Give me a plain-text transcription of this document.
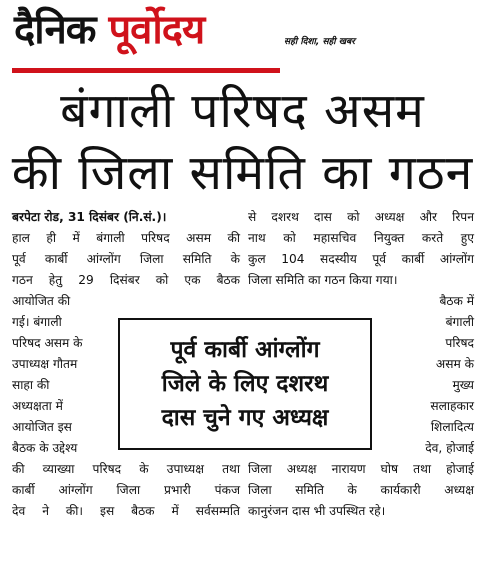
दैनिक पूर्वोदय	सही दिशा, सही खबर
बंगाली परिषद असम
की जिला समिति का गठन
बरपेटा रोड, 31 दिसंबर (नि.सं.)।
हाल ही में बंगाली परिषद असम की
पूर्व कार्बी आंग्लोंग जिला समिति के
गठन हेतु 29 दिसंबर को एक बैठक
आयोजित की
गई। बंगाली
परिषद असम के
उपाध्यक्ष गौतम
साहा की
अध्यक्षता में
आयोजित इस
बैठक के उद्देश्य
की व्याख्या परिषद के उपाध्यक्ष तथा
कार्बी आंग्लोंग जिला प्रभारी पंकज
देव ने की। इस बैठक में सर्वसम्मति
से दशरथ दास को अध्यक्ष और रिपन
नाथ को महासचिव नियुक्त करते हुए
कुल 104 सदस्यीय पूर्व कार्बी आंग्लोंग
जिला समिति का गठन किया गया।
बैठक में
बंगाली
परिषद
असम के
मुख्य
सलाहकार
शिलादित्य
देव, होजाई
जिला अध्यक्ष नारायण घोष तथा होजाई
जिला समिति के कार्यकारी अध्यक्ष
कानुरंजन दास भी उपस्थित रहे।
पूर्व कार्बी आंग्लोंग
जिले के लिए दशरथ
दास चुने गए अध्यक्ष
